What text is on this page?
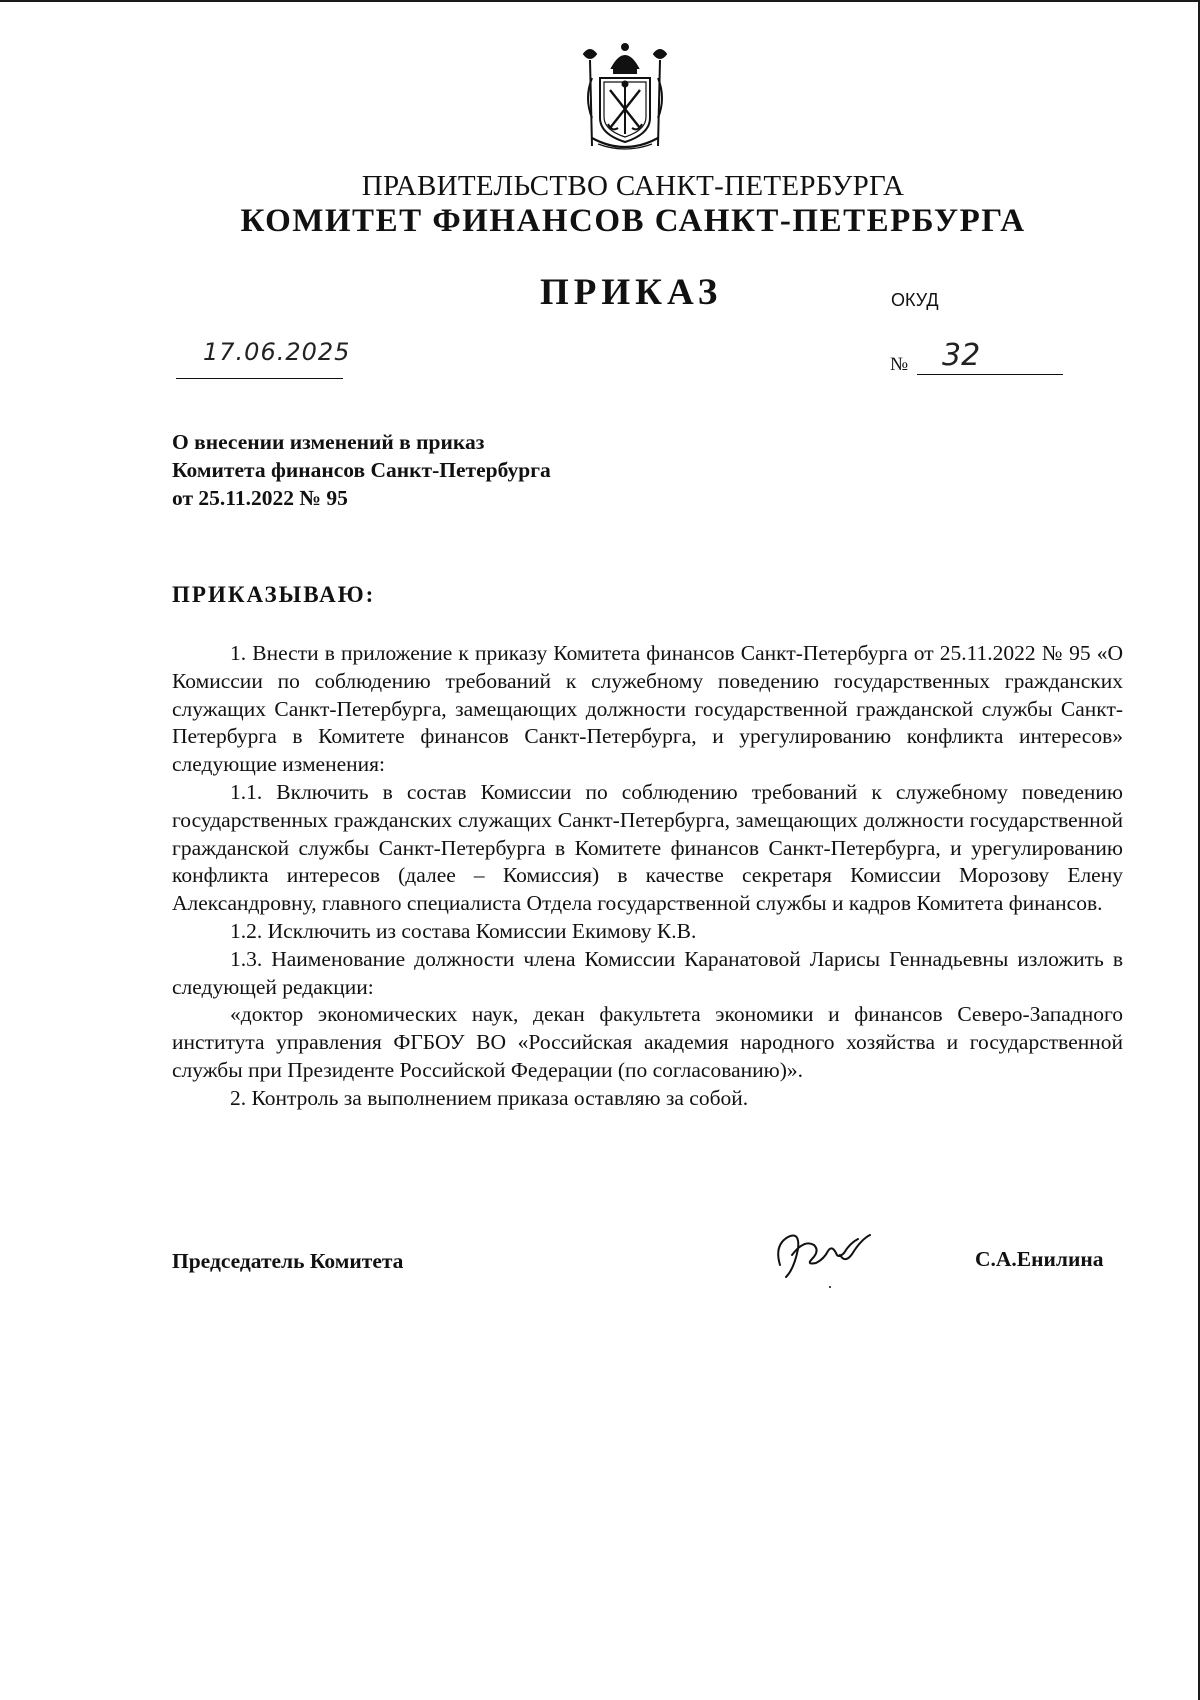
ПРАВИТЕЛЬСТВО САНКТ-ПЕТЕРБУРГА
КОМИТЕТ ФИНАНСОВ САНКТ-ПЕТЕРБУРГА
ПРИКАЗ	ОКУД
17.06.2025	№ 32
О внесении изменений в приказ
Комитета финансов Санкт-Петербурга
от 25.11.2022 № 95
ПРИКАЗЫВАЮ:

1. Внести в приложение к приказу Комитета финансов Санкт-Петербурга от 25.11.2022 № 95 «О Комиссии по соблюдению требований к служебному поведению государственных гражданских служащих Санкт-Петербурга, замещающих должности государственной гражданской службы Санкт-Петербурга в Комитете финансов Санкт-Петербурга, и урегулированию конфликта интересов» следующие изменения:

1.1. Включить в состав Комиссии по соблюдению требований к служебному поведению государственных гражданских служащих Санкт-Петербурга, замещающих должности государственной гражданской службы Санкт-Петербурга в Комитете финансов Санкт-Петербурга, и урегулированию конфликта интересов (далее – Комиссия) в качестве секретаря Комиссии Морозову Елену Александровну, главного специалиста Отдела государственной службы и кадров Комитета финансов.

1.2. Исключить из состава Комиссии Екимову К.В.

1.3. Наименование должности члена Комиссии Каранатовой Ларисы Геннадьевны изложить в следующей редакции:

«доктор экономических наук, декан факультета экономики и финансов Северо-Западного института управления ФГБОУ ВО «Российская академия народного хозяйства и государственной службы при Президенте Российской Федерации (по согласованию)».

2. Контроль за выполнением приказа оставляю за собой.

Председатель Комитета	С.А.Енилина
